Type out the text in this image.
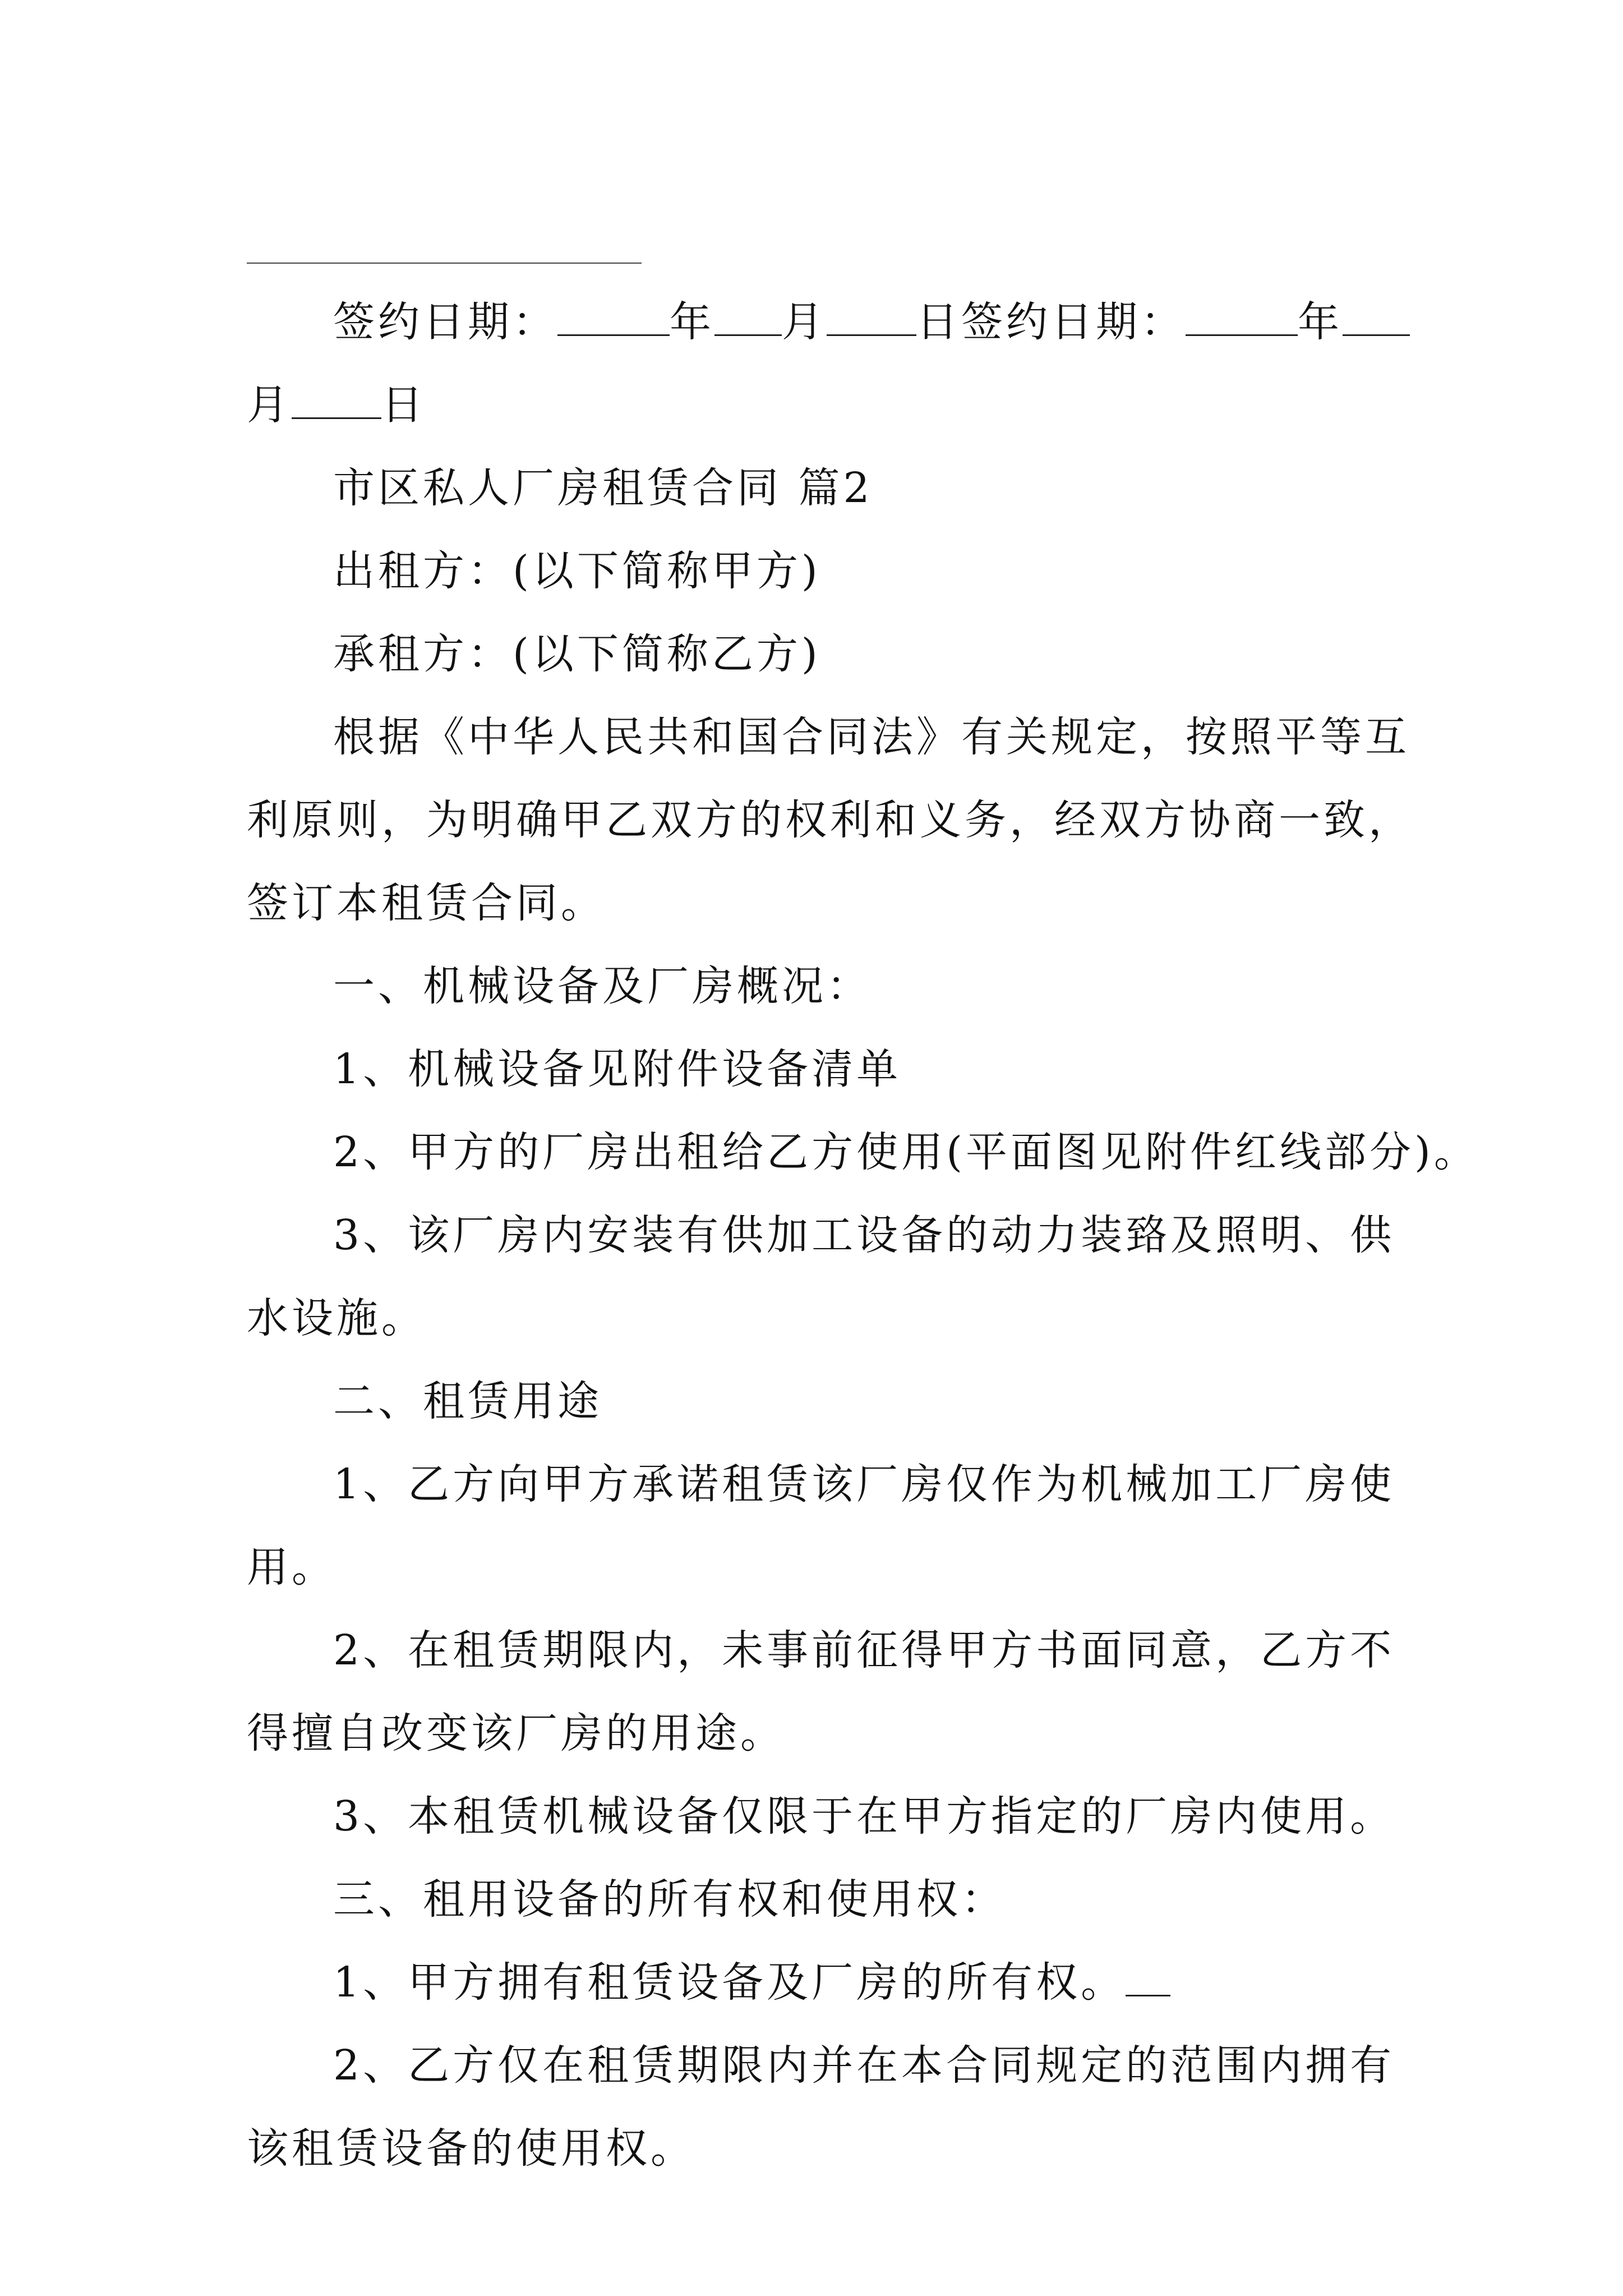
签约日期：	年 月 日签约日期：	年
月 日
市区私人厂房租赁合同 篇2
出租方：(以下简称甲方)
承租方：(以下简称乙方)
根据《中华人民共和国合同法》有关规定，按照平等互
利原则，为明确甲乙双方的权利和义务，经双方协商一致，
签订本租赁合同。
一、机械设备及厂房概况：
1、机械设备见附件设备清单
2、甲方的厂房出租给乙方使用(平面图见附件红线部分)。
3、该厂房内安装有供加工设备的动力装臵及照明、供
水设施。
二、租赁用途
1、乙方向甲方承诺租赁该厂房仅作为机械加工厂房使
用。
2、在租赁期限内，未事前征得甲方书面同意，乙方不
得擅自改变该厂房的用途。
3、本租赁机械设备仅限于在甲方指定的厂房内使用。
三、租用设备的所有权和使用权：
1、甲方拥有租赁设备及厂房的所有权。
2、乙方仅在租赁期限内并在本合同规定的范围内拥有
该租赁设备的使用权。
